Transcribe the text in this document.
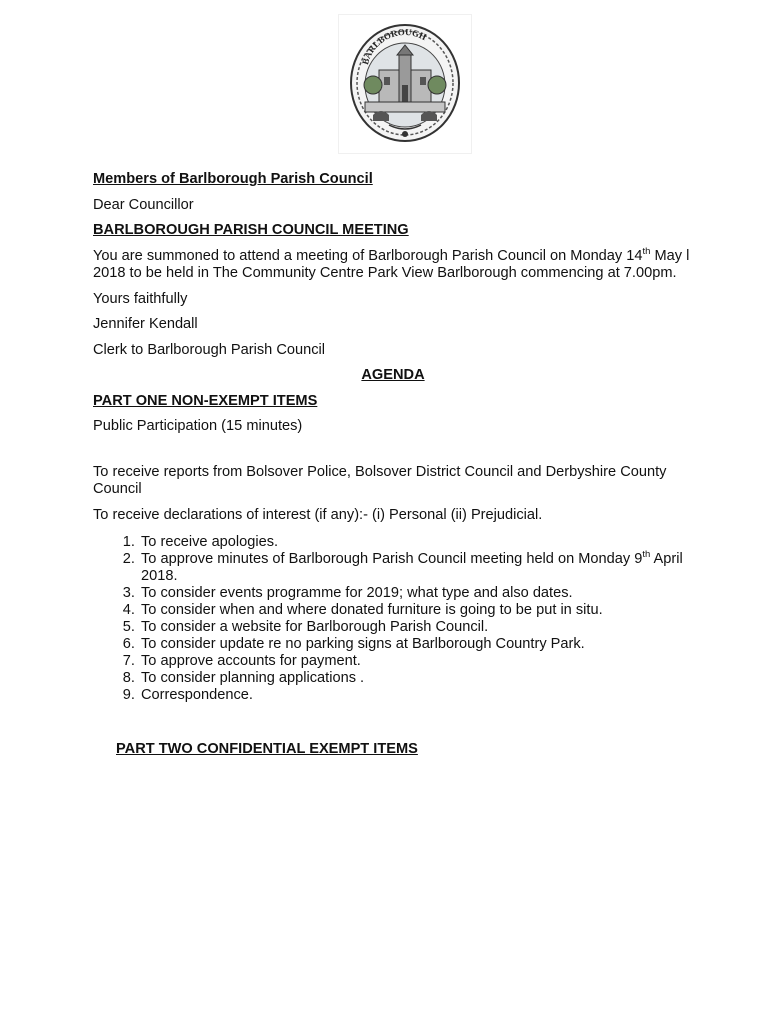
BARLBOROUGH

Members of Barlborough Parish Council

Dear Councillor

BARLBOROUGH PARISH COUNCIL MEETING

You are summoned to attend a meeting of Barlborough Parish Council on Monday 14th May l 2018 to be held in The Community Centre Park View Barlborough commencing at 7.00pm.

Yours faithfully

Jennifer Kendall

Clerk to Barlborough Parish Council

AGENDA

PART ONE NON-EXEMPT ITEMS

Public Participation (15 minutes)

To receive reports from Bolsover Police, Bolsover District Council and Derbyshire County Council

To receive declarations of interest (if any):- (i) Personal (ii) Prejudicial.

1. To receive apologies.
2. To approve minutes of Barlborough Parish Council meeting held on Monday 9th April 2018.
3. To consider events programme for 2019; what type and also dates.
4. To consider when and where donated furniture is going to be put in situ.
5. To consider a website for Barlborough Parish Council.
6. To consider update re no parking signs at Barlborough Country Park.
7. To approve accounts for payment.
8. To consider planning applications .
9. Correspondence.

PART TWO CONFIDENTIAL EXEMPT ITEMS
